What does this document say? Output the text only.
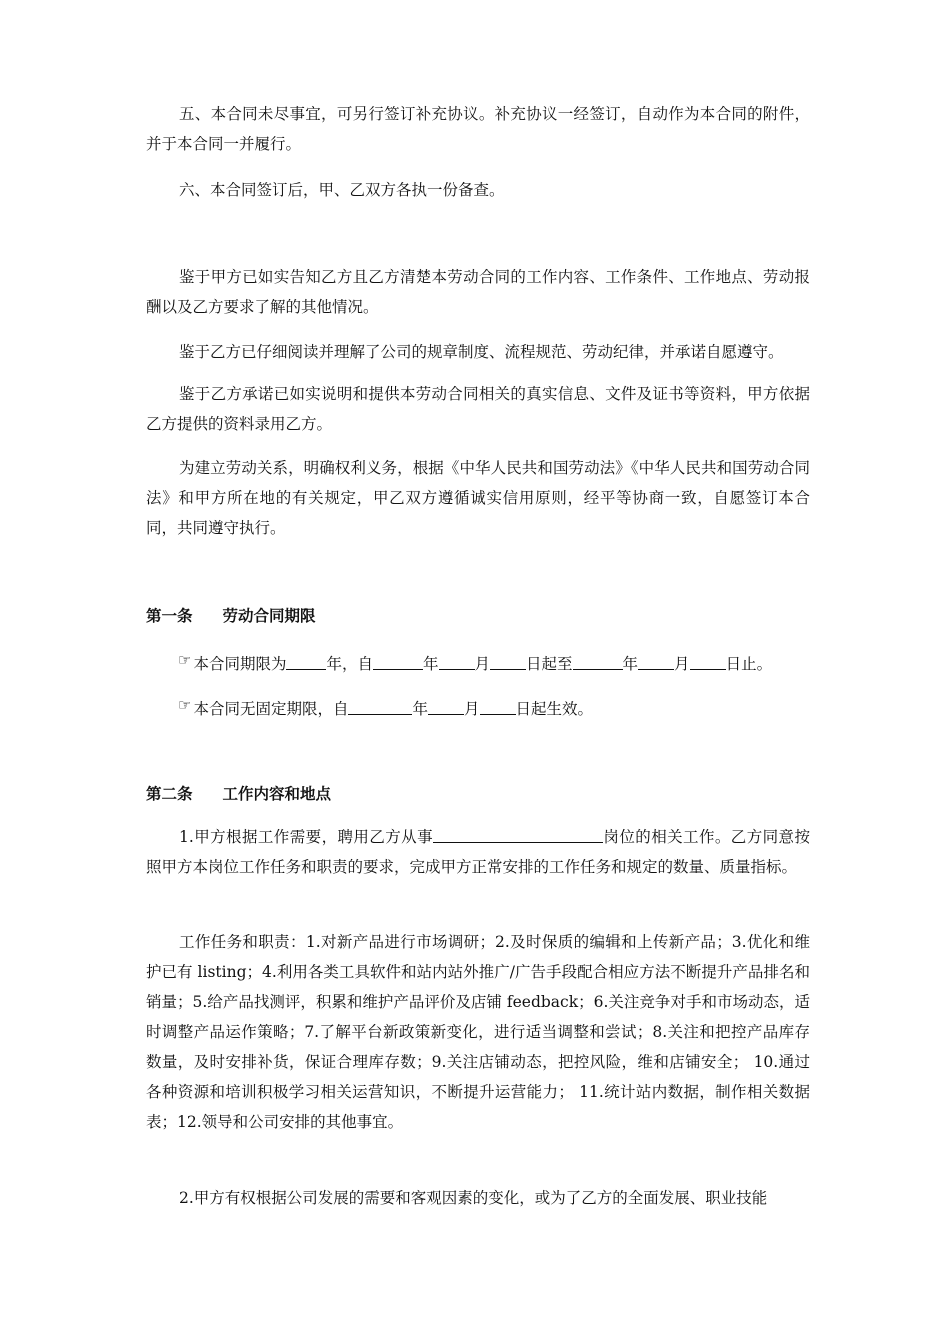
五、本合同未尽事宜，可另行签订补充协议。补充协议一经签订，自动作为本合同的附件，并于本合同一并履行。

六、本合同签订后，甲、乙双方各执一份备查。

鉴于甲方已如实告知乙方且乙方清楚本劳动合同的工作内容、工作条件、工作地点、劳动报酬以及乙方要求了解的其他情况。

鉴于乙方已仔细阅读并理解了公司的规章制度、流程规范、劳动纪律，并承诺自愿遵守。

鉴于乙方承诺已如实说明和提供本劳动合同相关的真实信息、文件及证书等资料，甲方依据乙方提供的资料录用乙方。

为建立劳动关系，明确权利义务，根据《中华人民共和国劳动法》《中华人民共和国劳动合同法》和甲方所在地的有关规定，甲乙双方遵循诚实信用原则，经平等协商一致，自愿签订本合同，共同遵守执行。

第一条 劳动合同期限

☞ 本合同期限为	年，自	年 月 日起至	年 月 日止。

☞ 本合同无固定期限，自	年 月 日起生效。

第二条 工作内容和地点

1.甲方根据工作需要，聘用乙方从事	岗位的相关工作。乙方同意按照甲方本岗位工作任务和职责的要求，完成甲方正常安排的工作任务和规定的数量、质量指标。

工作任务和职责：1.对新产品进行市场调研；2.及时保质的编辑和上传新产品；3.优化和维护已有 listing；4.利用各类工具软件和站内站外推广/广告手段配合相应方法不断提升产品排名和销量；5.给产品找测评，积累和维护产品评价及店铺 feedback；6.关注竞争对手和市场动态，适时调整产品运作策略；7.了解平台新政策新变化，进行适当调整和尝试；8.关注和把控产品库存数量，及时安排补货，保证合理库存数；9.关注店铺动态，把控风险，维和店铺安全； 10.通过各种资源和培训积极学习相关运营知识，不断提升运营能力； 11.统计站内数据，制作相关数据表；12.领导和公司安排的其他事宜。

2.甲方有权根据公司发展的需要和客观因素的变化，或为了乙方的全面发展、职业技能
